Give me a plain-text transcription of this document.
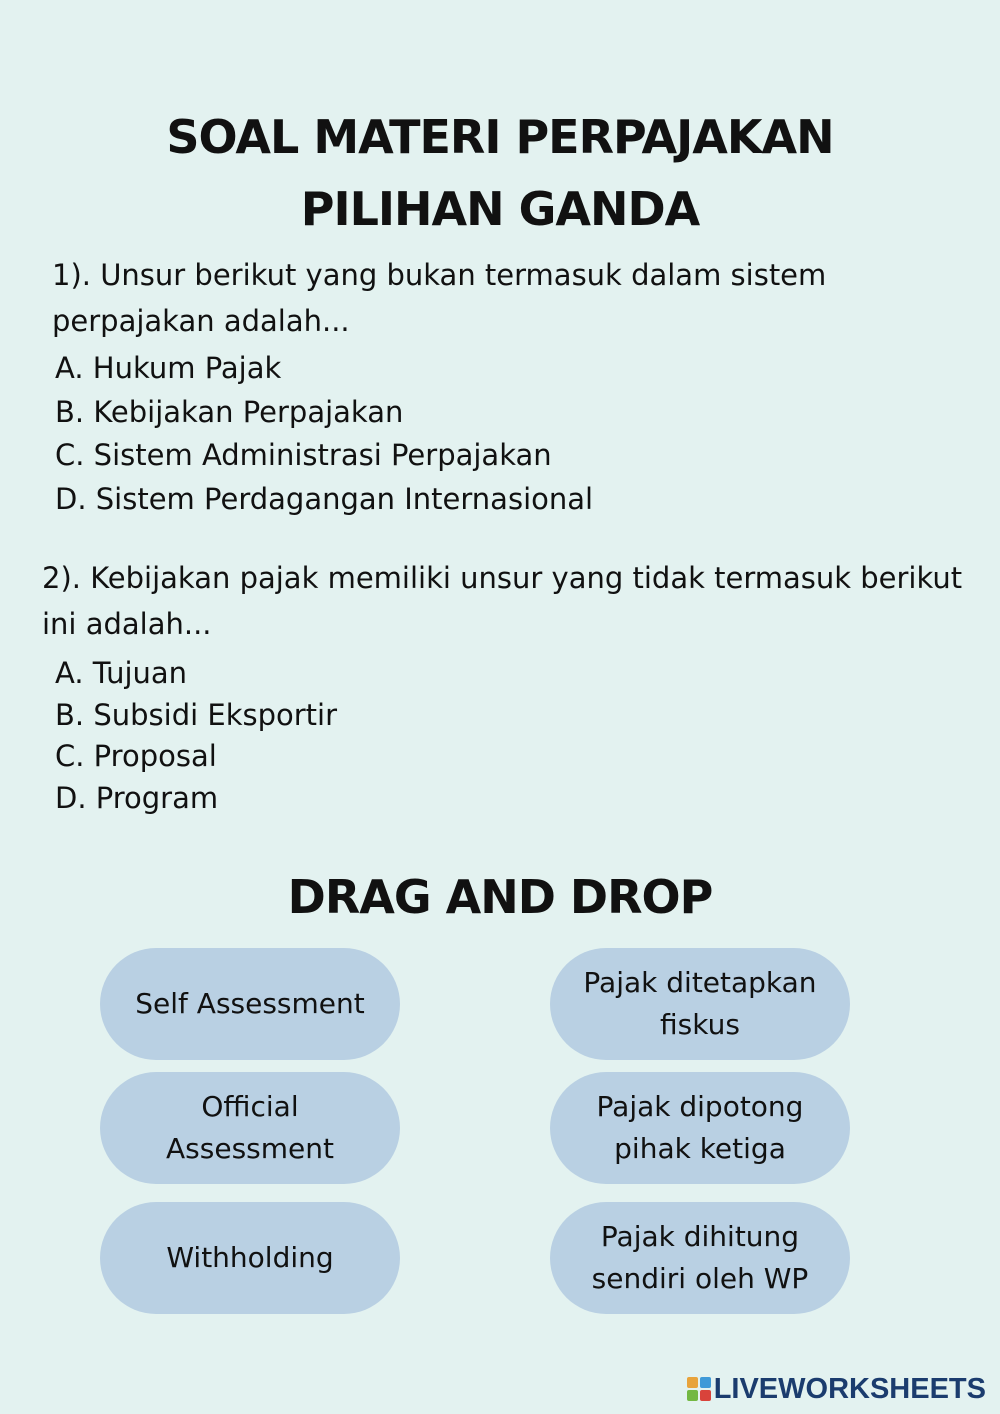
SOAL MATERI PERPAJAKAN
PILIHAN GANDA
1). Unsur berikut yang bukan termasuk dalam sistem perpajakan adalah...
A. Hukum Pajak
B. Kebijakan Perpajakan
C. Sistem Administrasi Perpajakan
D. Sistem Perdagangan Internasional
2). Kebijakan pajak memiliki unsur yang tidak termasuk berikut ini adalah...
A. Tujuan
B. Subsidi Eksportir
C. Proposal
D. Program
DRAG AND DROP
Self Assessment
Official Assessment
Withholding
Pajak ditetapkan fiskus
Pajak dipotong pihak ketiga
Pajak dihitung sendiri oleh WP
LIVEWORKSHEETS
